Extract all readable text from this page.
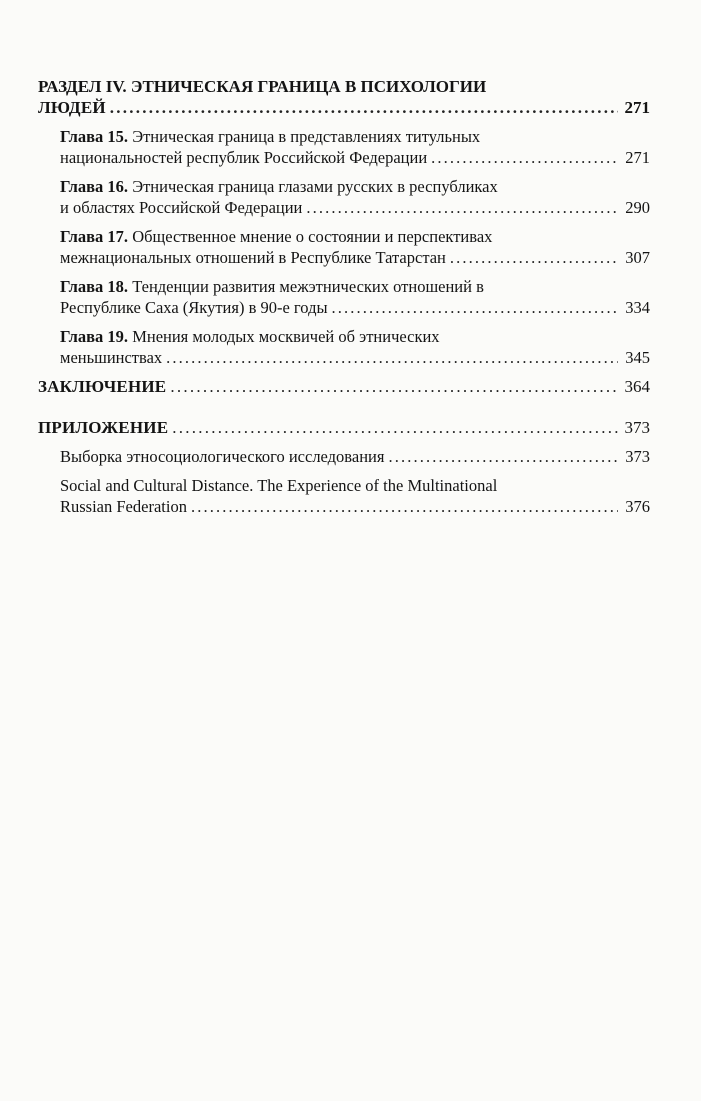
РАЗДЕЛ IV. ЭТНИЧЕСКАЯ ГРАНИЦА В ПСИХОЛОГИИ
ЛЮДЕЙ . . .	271
Глава 15. Этническая граница в представлениях титульных
национальностей республик Российской Федерации . . .	271
Глава 16. Этническая граница глазами русских в республиках
и областях Российской Федерации . . .	290
Глава 17. Общественное мнение о состоянии и перспективах
межнациональных отношений в Республике Татарстан . . .	307
Глава 18. Тенденции развития межэтнических отношений в
Республике Саха (Якутия) в 90-е годы . . .	334
Глава 19. Мнения молодых москвичей об этнических
меньшинствах . . .	345
ЗАКЛЮЧЕНИЕ . . .	364
ПРИЛОЖЕНИЕ . . .	373
Выборка этносоциологического исследования . . .	373
Social and Cultural Distance. The Experience of the Multinational
Russian Federation . . .	376
